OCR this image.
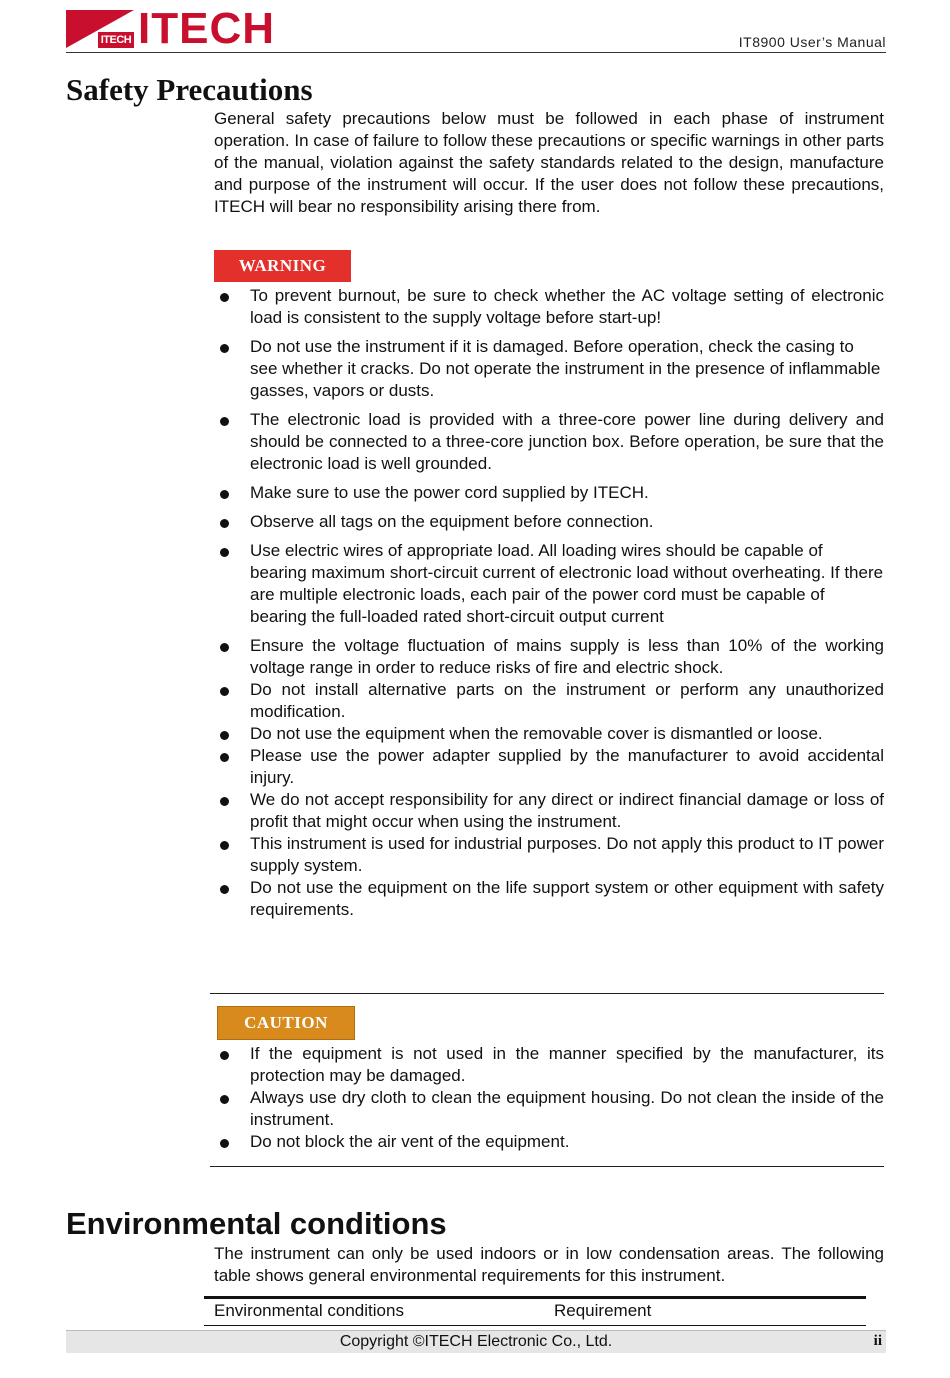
ITECH ITECH	IT8900 User’s Manual
Safety Precautions

General safety precautions below must be followed in each phase of instrument operation. In case of failure to follow these precautions or specific warnings in other parts of the manual, violation against the safety standards related to the design, manufacture and purpose of the instrument will occur. If the user does not follow these precautions, ITECH will bear no responsibility arising there from.

WARNING
To prevent burnout, be sure to check whether the AC voltage setting of electronic load is consistent to the supply voltage before start-up!
Do not use the instrument if it is damaged. Before operation, check the casing to see whether it cracks. Do not operate the instrument in the presence of inflammable gasses, vapors or dusts.
The electronic load is provided with a three-core power line during delivery and should be connected to a three-core junction box. Before operation, be sure that the electronic load is well grounded.
Make sure to use the power cord supplied by ITECH.
Observe all tags on the equipment before connection.
Use electric wires of appropriate load. All loading wires should be capable of bearing maximum short-circuit current of electronic load without overheating. If there are multiple electronic loads, each pair of the power cord must be capable of bearing the full-loaded rated short-circuit output current
Ensure the voltage fluctuation of mains supply is less than 10% of the working voltage range in order to reduce risks of fire and electric shock.
Do not install alternative parts on the instrument or perform any unauthorized modification.
Do not use the equipment when the removable cover is dismantled or loose.
Please use the power adapter supplied by the manufacturer to avoid accidental injury.
We do not accept responsibility for any direct or indirect financial damage or loss of profit that might occur when using the instrument.
This instrument is used for industrial purposes. Do not apply this product to IT power supply system.
Do not use the equipment on the life support system or other equipment with safety requirements.
CAUTION
If the equipment is not used in the manner specified by the manufacturer, its protection may be damaged.
Always use dry cloth to clean the equipment housing. Do not clean the inside of the instrument.
Do not block the air vent of the equipment.
Environmental conditions

The instrument can only be used indoors or in low condensation areas. The following table shows general environmental requirements for this instrument.

Environmental conditions	Requirement
Copyright ©ITECH Electronic Co., Ltd.	ii
